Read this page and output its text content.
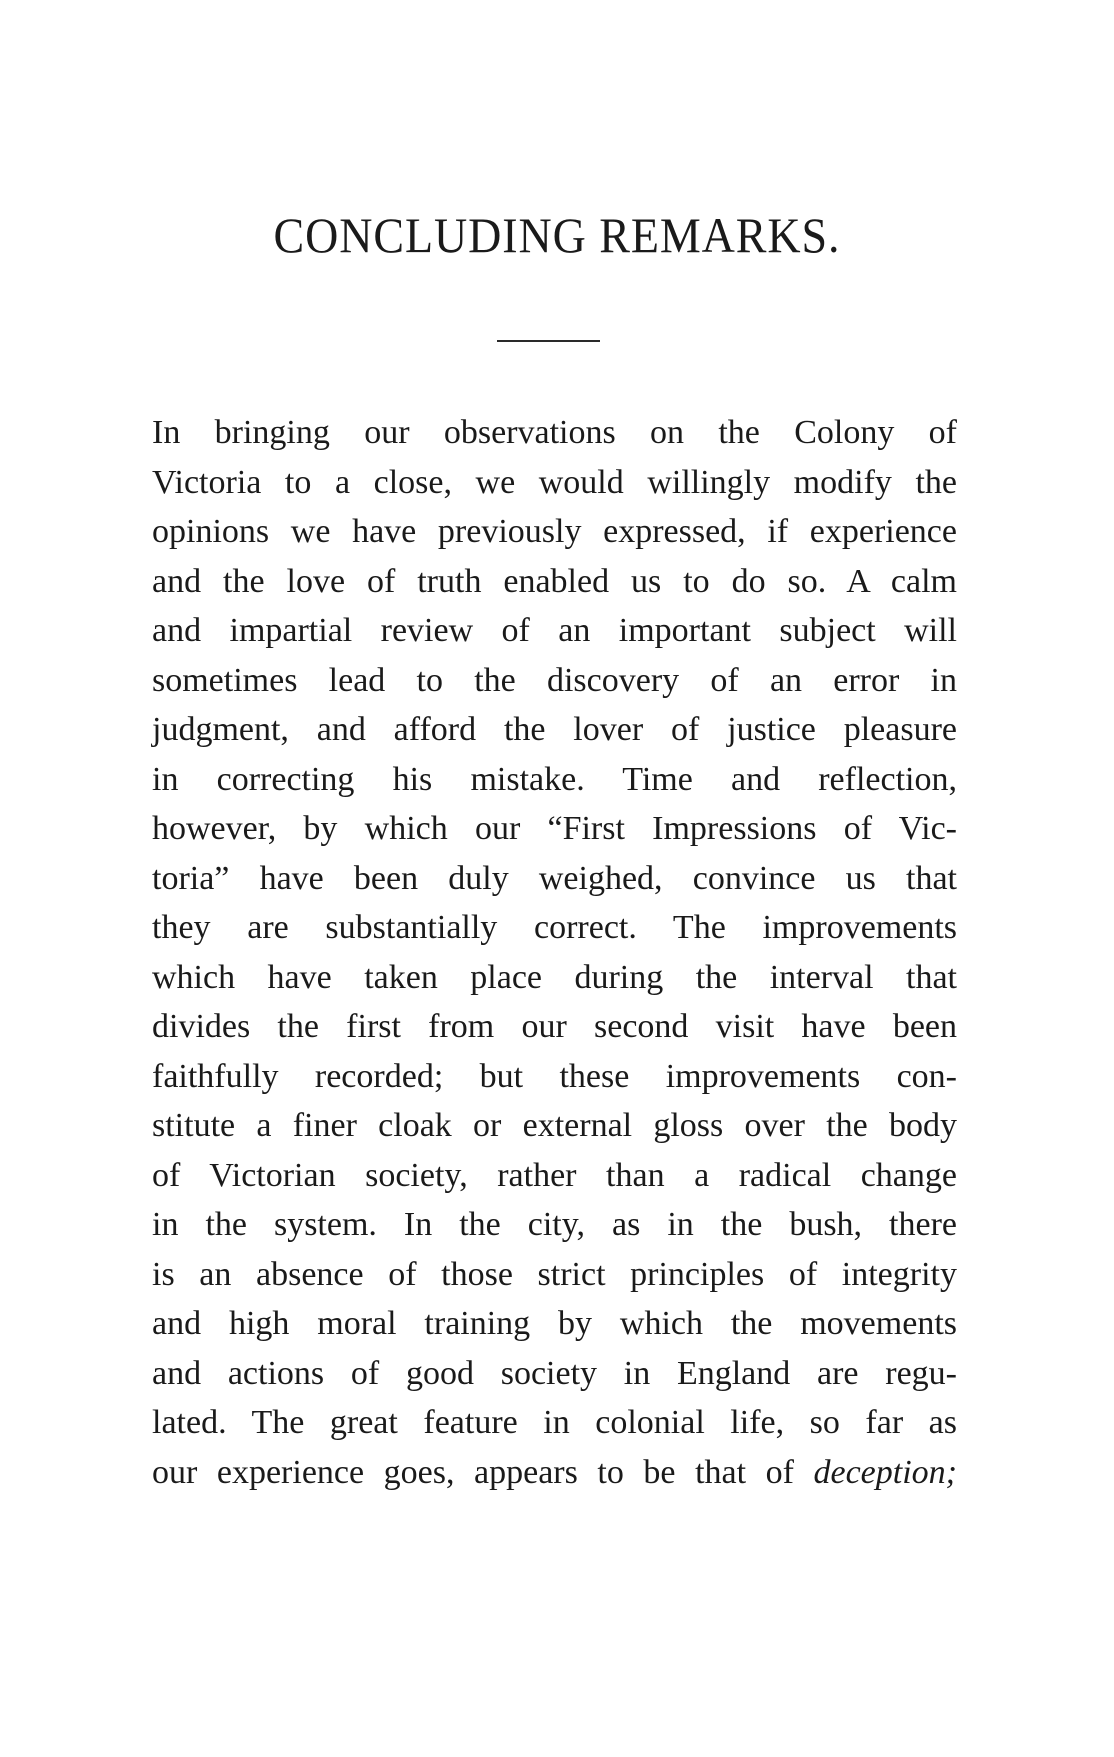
CONCLUDING REMARKS.
In bringing our observations on the Colony of
Victoria to a close, we would willingly modify the
opinions we have previously expressed, if experience
and the love of truth enabled us to do so. A calm
and impartial review of an important subject will
sometimes lead to the discovery of an error in
judgment, and afford the lover of justice pleasure
in correcting his mistake. Time and reflection,
however, by which our “First Impressions of Vic-
toria” have been duly weighed, convince us that
they are substantially correct. The improvements
which have taken place during the interval that
divides the first from our second visit have been
faithfully recorded; but these improvements con-
stitute a finer cloak or external gloss over the body
of Victorian society, rather than a radical change
in the system. In the city, as in the bush, there
is an absence of those strict principles of integrity
and high moral training by which the movements
and actions of good society in England are regu-
lated. The great feature in colonial life, so far as
our experience goes, appears to be that of deception;
